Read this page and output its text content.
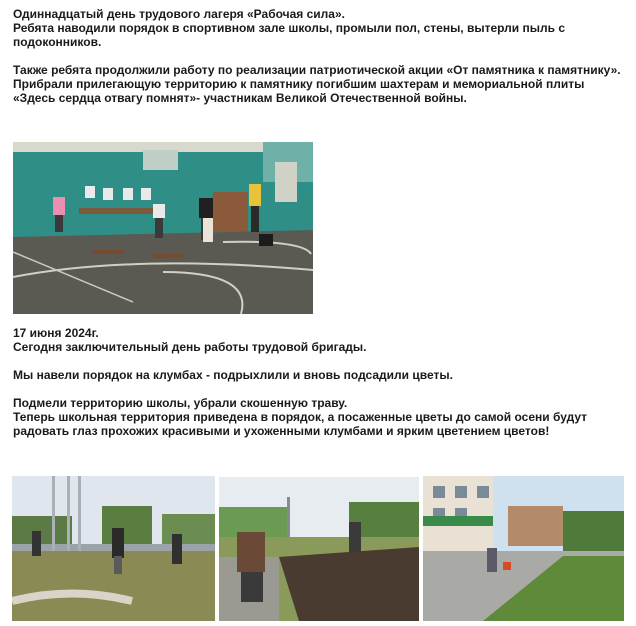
Одиннадцатый день трудового лагеря «Рабочая сила».
Ребята наводили порядок в спортивном зале школы, промыли пол, стены, вытерли пыль с
подоконников.
Также ребята продолжили работу по реализации патриотической акции «От памятника к памятнику».
Прибрали прилегающую территорию к памятнику погибшим шахтерам и мемориальной плиты
«Здесь сердца отвагу помнят»- участникам Великой Отечественной войны.
17 июня 2024г.
Сегодня заключительный день работы трудовой бригады.
Мы навели порядок на клумбах - подрыхлили и вновь подсадили цветы.
Подмели территорию школы, убрали скошенную траву.
Теперь школьная территория приведена в порядок, а посаженные цветы до самой осени будут
радовать глаз прохожих красивыми и ухоженными клумбами и ярким цветением цветов!
